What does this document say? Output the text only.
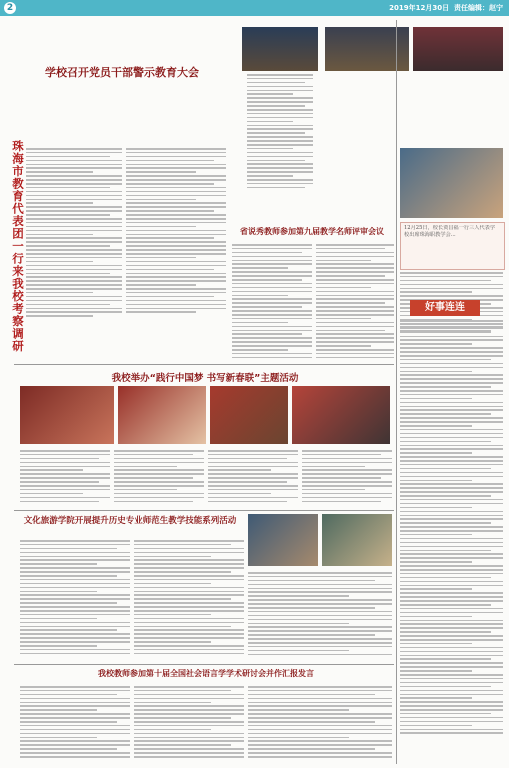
2	2019年12月30日 责任编辑：赵宁
学校召开党员干部警示教育大会
珠海市教育代表团一行来我校考察调研	省说秀教师参加第九届教学名师评审会议	12月25日，校长贾昌福一行三人代表学校出席珠海职教学会...
好事连连
我校举办“践行中国梦 书写新春联”主题活动
文化旅游学院开展提升历史专业师范生教学技能系列活动
我校教师参加第十届全国社会语言学学术研讨会并作汇报发言
